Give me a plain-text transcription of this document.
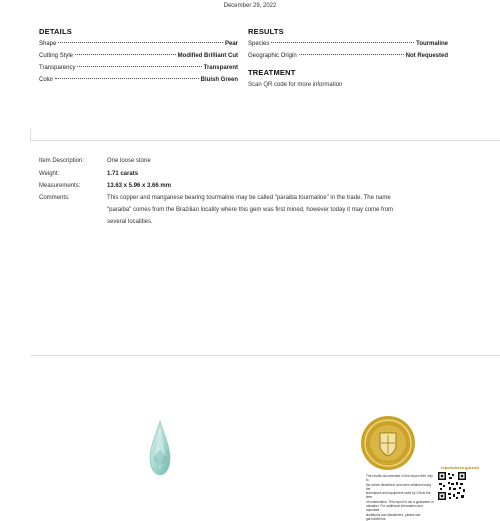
December 29, 2022
DETAILS
Shape	Pear
Cutting Style	Modified Brilliant Cut
Transparency	Transparent
Color	Bluish Green
RESULTS
Species	Tourmaline
Geographic Origin	Not Requested
TREATMENT
Scan QR code for more information
Item Description:	One loose stone
Weight:	1.71 carats
Measurements:	13.63 x 5.96 x 3.66 mm
Comments:	This copper and manganese bearing tourmaline may be called "paraiba tourmaline" in the trade. The name
"paraiba" comes from the Brazilian locality where this gem was first mined, however today it may come from
several localities.
reportcheck.gia.edu
The results documented in this report refer only to
the article described, and were obtained using the
techniques and equipment used by GIA at the time
of examination. This report is not a guarantee or
valuation. For additional information and important
limitations and disclaimers, please see gia.edu/terms
